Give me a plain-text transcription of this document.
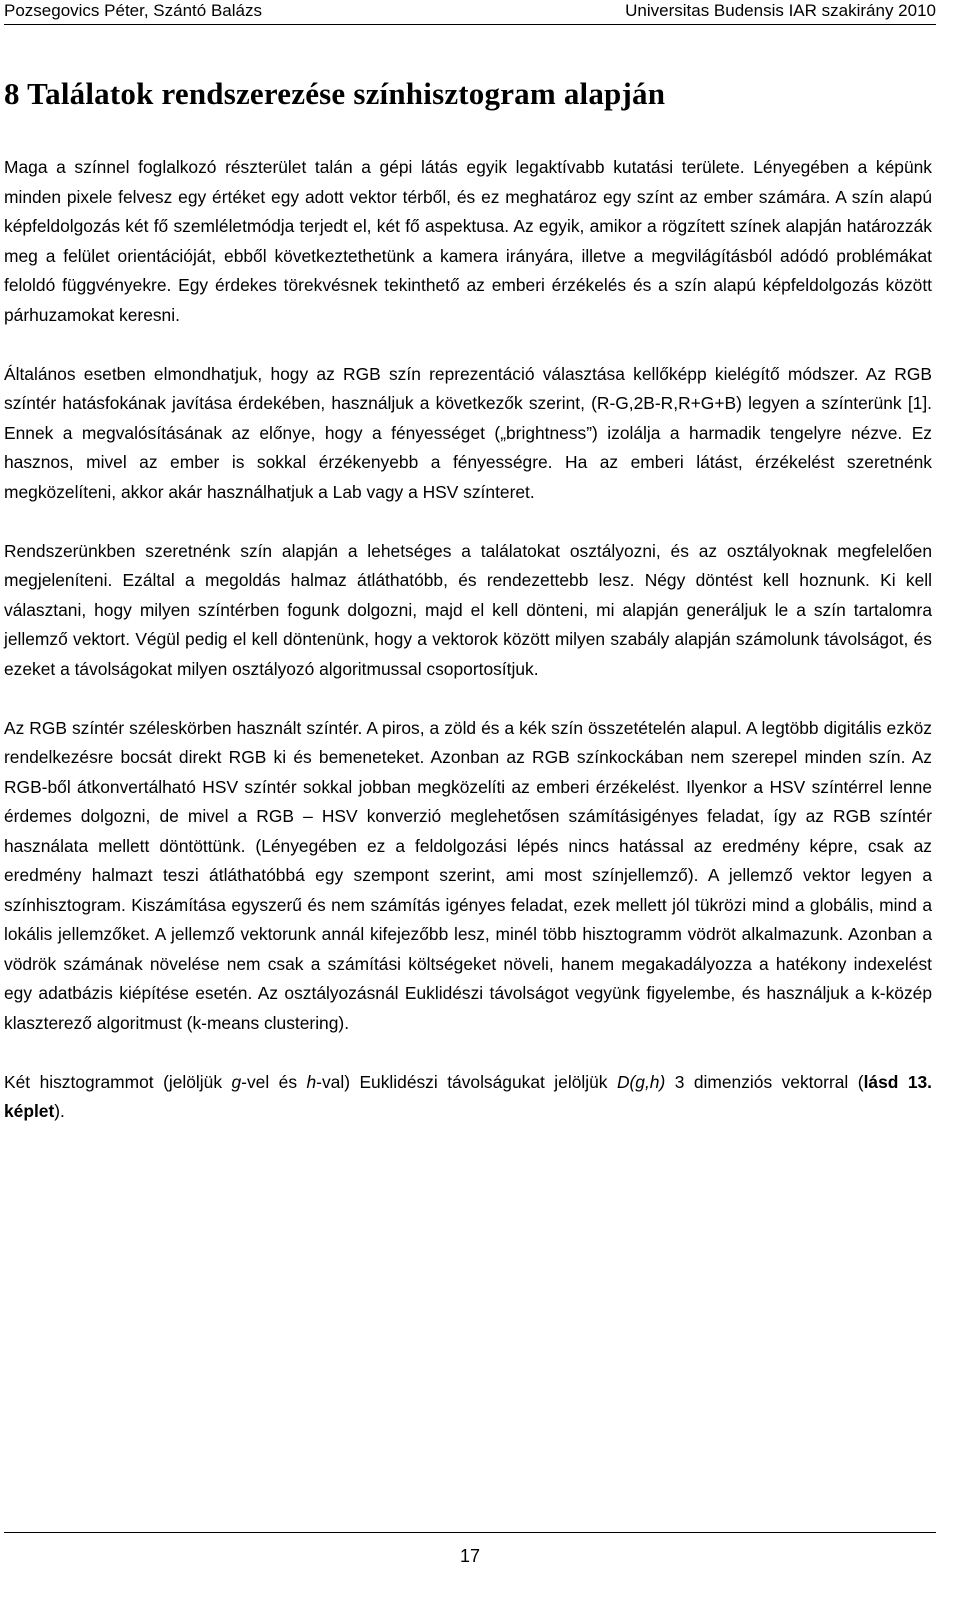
Pozsegovics Péter, Szántó Balázs	Universitas Budensis IAR szakirány 2010
8 Találatok rendszerezése színhisztogram alapján

Maga a színnel foglalkozó részterület talán a gépi látás egyik legaktívabb kutatási területe. Lényegében a képünk minden pixele felvesz egy értéket egy adott vektor térből, és ez meghatároz egy színt az ember számára. A szín alapú képfeldolgozás két fő szemléletmódja terjedt el, két fő aspektusa. Az egyik, amikor a rögzített színek alapján határozzák meg a felület orientációját, ebből következtethetünk a kamera irányára, illetve a megvilágításból adódó problémákat feloldó függvényekre. Egy érdekes törekvésnek tekinthető az emberi érzékelés és a szín alapú képfeldolgozás között párhuzamokat keresni.

Általános esetben elmondhatjuk, hogy az RGB szín reprezentáció választása kellőképp kielégítő módszer. Az RGB színtér hatásfokának javítása érdekében, használjuk a következők szerint, (R-G,2B-R,R+G+B) legyen a színterünk [1]. Ennek a megvalósításának az előnye, hogy a fényességet („brightness”) izolálja a harmadik tengelyre nézve. Ez hasznos, mivel az ember is sokkal érzékenyebb a fényességre. Ha az emberi látást, érzékelést szeretnénk megközelíteni, akkor akár használhatjuk a Lab vagy a HSV színteret.

Rendszerünkben szeretnénk szín alapján a lehetséges a találatokat osztályozni, és az osztályoknak megfelelően megjeleníteni. Ezáltal a megoldás halmaz átláthatóbb, és rendezettebb lesz. Négy döntést kell hoznunk. Ki kell választani, hogy milyen színtérben fogunk dolgozni, majd el kell dönteni, mi alapján generáljuk le a szín tartalomra jellemző vektort. Végül pedig el kell döntenünk, hogy a vektorok között milyen szabály alapján számolunk távolságot, és ezeket a távolságokat milyen osztályozó algoritmussal csoportosítjuk.

Az RGB színtér széleskörben használt színtér. A piros, a zöld és a kék szín összetételén alapul. A legtöbb digitális ezköz rendelkezésre bocsát direkt RGB ki és bemeneteket. Azonban az RGB színkockában nem szerepel minden szín. Az RGB-ből átkonvertálható HSV színtér sokkal jobban megközelíti az emberi érzékelést. Ilyenkor a HSV színtérrel lenne érdemes dolgozni, de mivel a RGB – HSV konverzió meglehetősen számításigényes feladat, így az RGB színtér használata mellett döntöttünk. (Lényegében ez a feldolgozási lépés nincs hatással az eredmény képre, csak az eredmény halmazt teszi átláthatóbbá egy szempont szerint, ami most színjellemző). A jellemző vektor legyen a színhisztogram. Kiszámítása egyszerű és nem számítás igényes feladat, ezek mellett jól tükrözi mind a globális, mind a lokális jellemzőket. A jellemző vektorunk annál kifejezőbb lesz, minél több hisztogramm vödröt alkalmazunk. Azonban a vödrök számának növelése nem csak a számítási költségeket növeli, hanem megakadályozza a hatékony indexelést egy adatbázis kiépítése esetén. Az osztályozásnál Euklidészi távolságot vegyünk figyelembe, és használjuk a k-közép klaszterező algoritmust (k-means clustering).

Két hisztogrammot (jelöljük g-vel és h-val) Euklidészi távolságukat jelöljük D(g,h) 3 dimenziós vektorral (lásd 13. képlet).

17
